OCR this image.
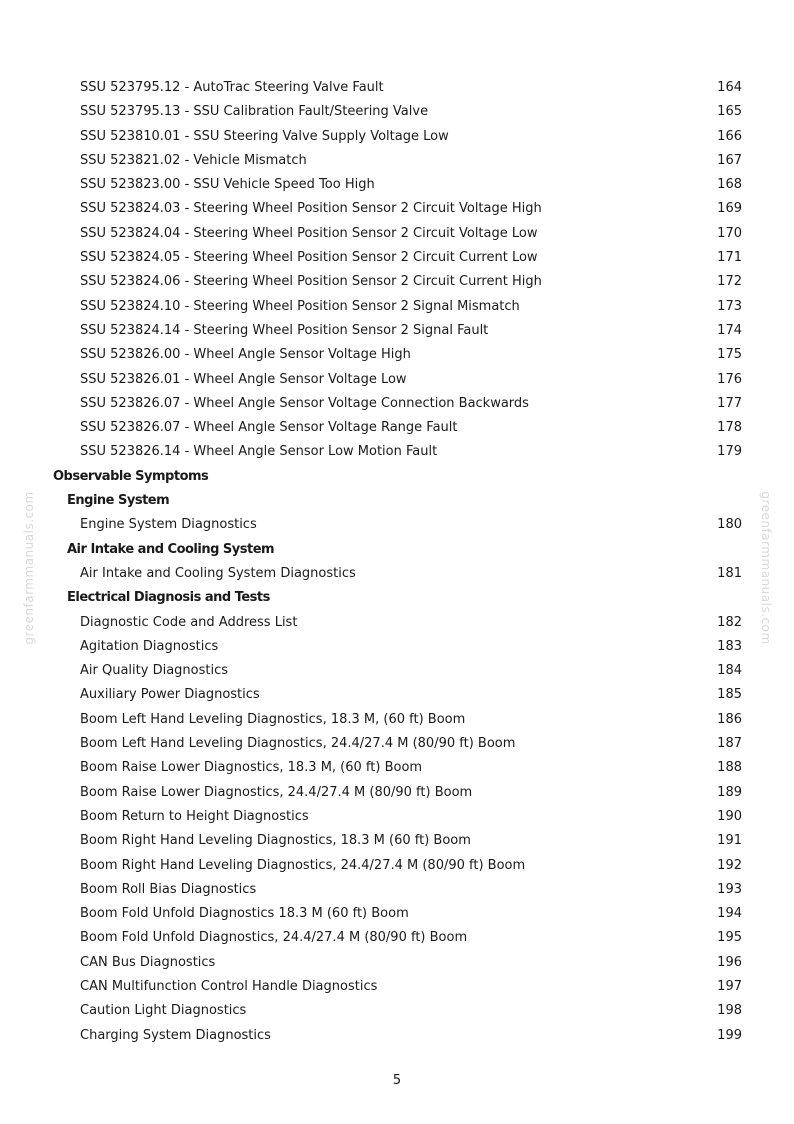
SSU 523795.12 - AutoTrac Steering Valve Fault	164
SSU 523795.13 - SSU Calibration Fault/Steering Valve	165
SSU 523810.01 - SSU Steering Valve Supply Voltage Low	166
SSU 523821.02 - Vehicle Mismatch	167
SSU 523823.00 - SSU Vehicle Speed Too High	168
SSU 523824.03 - Steering Wheel Position Sensor 2 Circuit Voltage High	169
SSU 523824.04 - Steering Wheel Position Sensor 2 Circuit Voltage Low	170
SSU 523824.05 - Steering Wheel Position Sensor 2 Circuit Current Low	171
SSU 523824.06 - Steering Wheel Position Sensor 2 Circuit Current High	172
SSU 523824.10 - Steering Wheel Position Sensor 2 Signal Mismatch	173
SSU 523824.14 - Steering Wheel Position Sensor 2 Signal Fault	174
SSU 523826.00 - Wheel Angle Sensor Voltage High	175
SSU 523826.01 - Wheel Angle Sensor Voltage Low	176
SSU 523826.07 - Wheel Angle Sensor Voltage Connection Backwards	177
SSU 523826.07 - Wheel Angle Sensor Voltage Range Fault	178
SSU 523826.14 - Wheel Angle Sensor Low Motion Fault	179
Observable Symptoms
Engine System
Engine System Diagnostics	180
Air Intake and Cooling System
Air Intake and Cooling System Diagnostics	181
Electrical Diagnosis and Tests
Diagnostic Code and Address List	182
Agitation Diagnostics	183
Air Quality Diagnostics	184
Auxiliary Power Diagnostics	185
Boom Left Hand Leveling Diagnostics, 18.3 M, (60 ft) Boom	186
Boom Left Hand Leveling Diagnostics, 24.4/27.4 M (80/90 ft) Boom	187
Boom Raise Lower Diagnostics, 18.3 M, (60 ft) Boom	188
Boom Raise Lower Diagnostics, 24.4/27.4 M (80/90 ft) Boom	189
Boom Return to Height Diagnostics	190
Boom Right Hand Leveling Diagnostics, 18.3 M (60 ft) Boom	191
Boom Right Hand Leveling Diagnostics, 24.4/27.4 M (80/90 ft) Boom	192
Boom Roll Bias Diagnostics	193
Boom Fold Unfold Diagnostics 18.3 M (60 ft) Boom	194
Boom Fold Unfold Diagnostics, 24.4/27.4 M (80/90 ft) Boom	195
CAN Bus Diagnostics	196
CAN Multifunction Control Handle Diagnostics	197
Caution Light Diagnostics	198
Charging System Diagnostics	199
greenfarmmanuals.com	greenfarmmanuals.com
5
